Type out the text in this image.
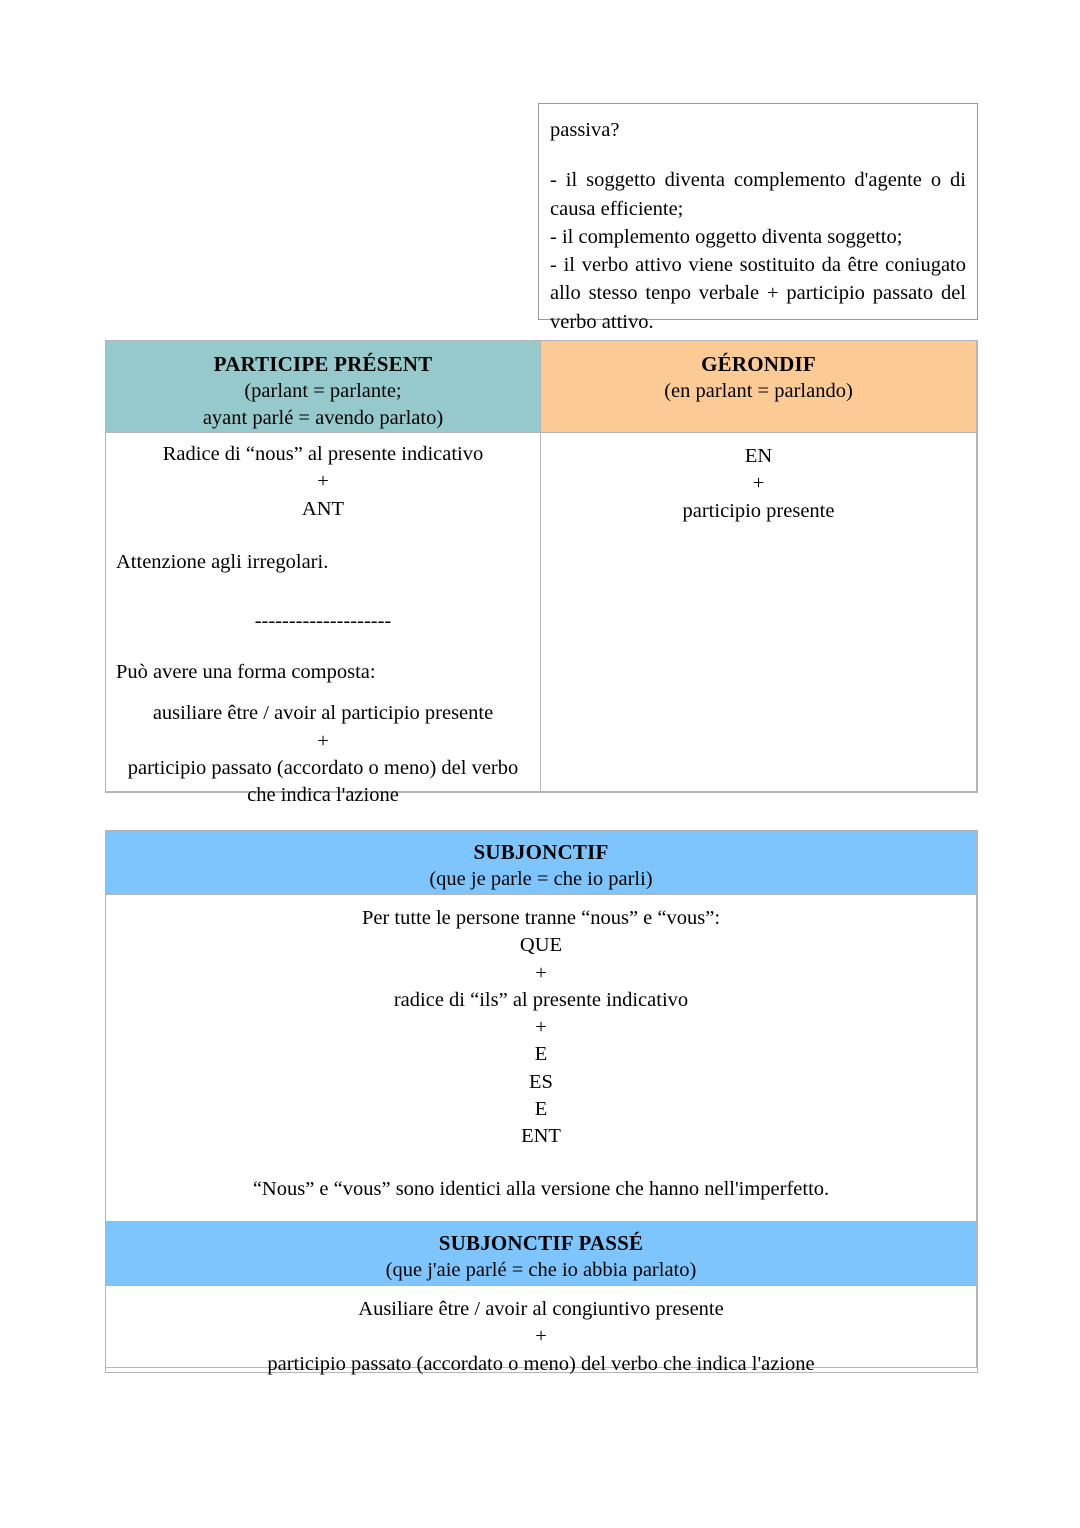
passiva?
- il soggetto diventa complemento d'agente o di causa efficiente;
- il complemento oggetto diventa soggetto;
- il verbo attivo viene sostituito da être coniugato allo stesso tenpo verbale + participio passato del verbo attivo.
PARTICIPE PRÉSENT
(parlant = parlante;
ayant parlé = avendo parlato)
GÉRONDIF
(en parlant = parlando)
Radice di “nous” al presente indicativo
+
ANT
Attenzione agli irregolari.
--------------------
Può avere una forma composta:
ausiliare être / avoir al participio presente
+
participio passato (accordato o meno) del verbo
che indica l'azione
EN
+
participio presente
SUBJONCTIF
(que je parle = che io parli)
Per tutte le persone tranne “nous” e “vous”:
QUE
+
radice di “ils” al presente indicativo
+
E
ES
E
ENT
“Nous” e “vous” sono identici alla versione che hanno nell'imperfetto.
SUBJONCTIF PASSÉ
(que j'aie parlé = che io abbia parlato)
Ausiliare être / avoir al congiuntivo presente
+
participio passato (accordato o meno) del verbo che indica l'azione
